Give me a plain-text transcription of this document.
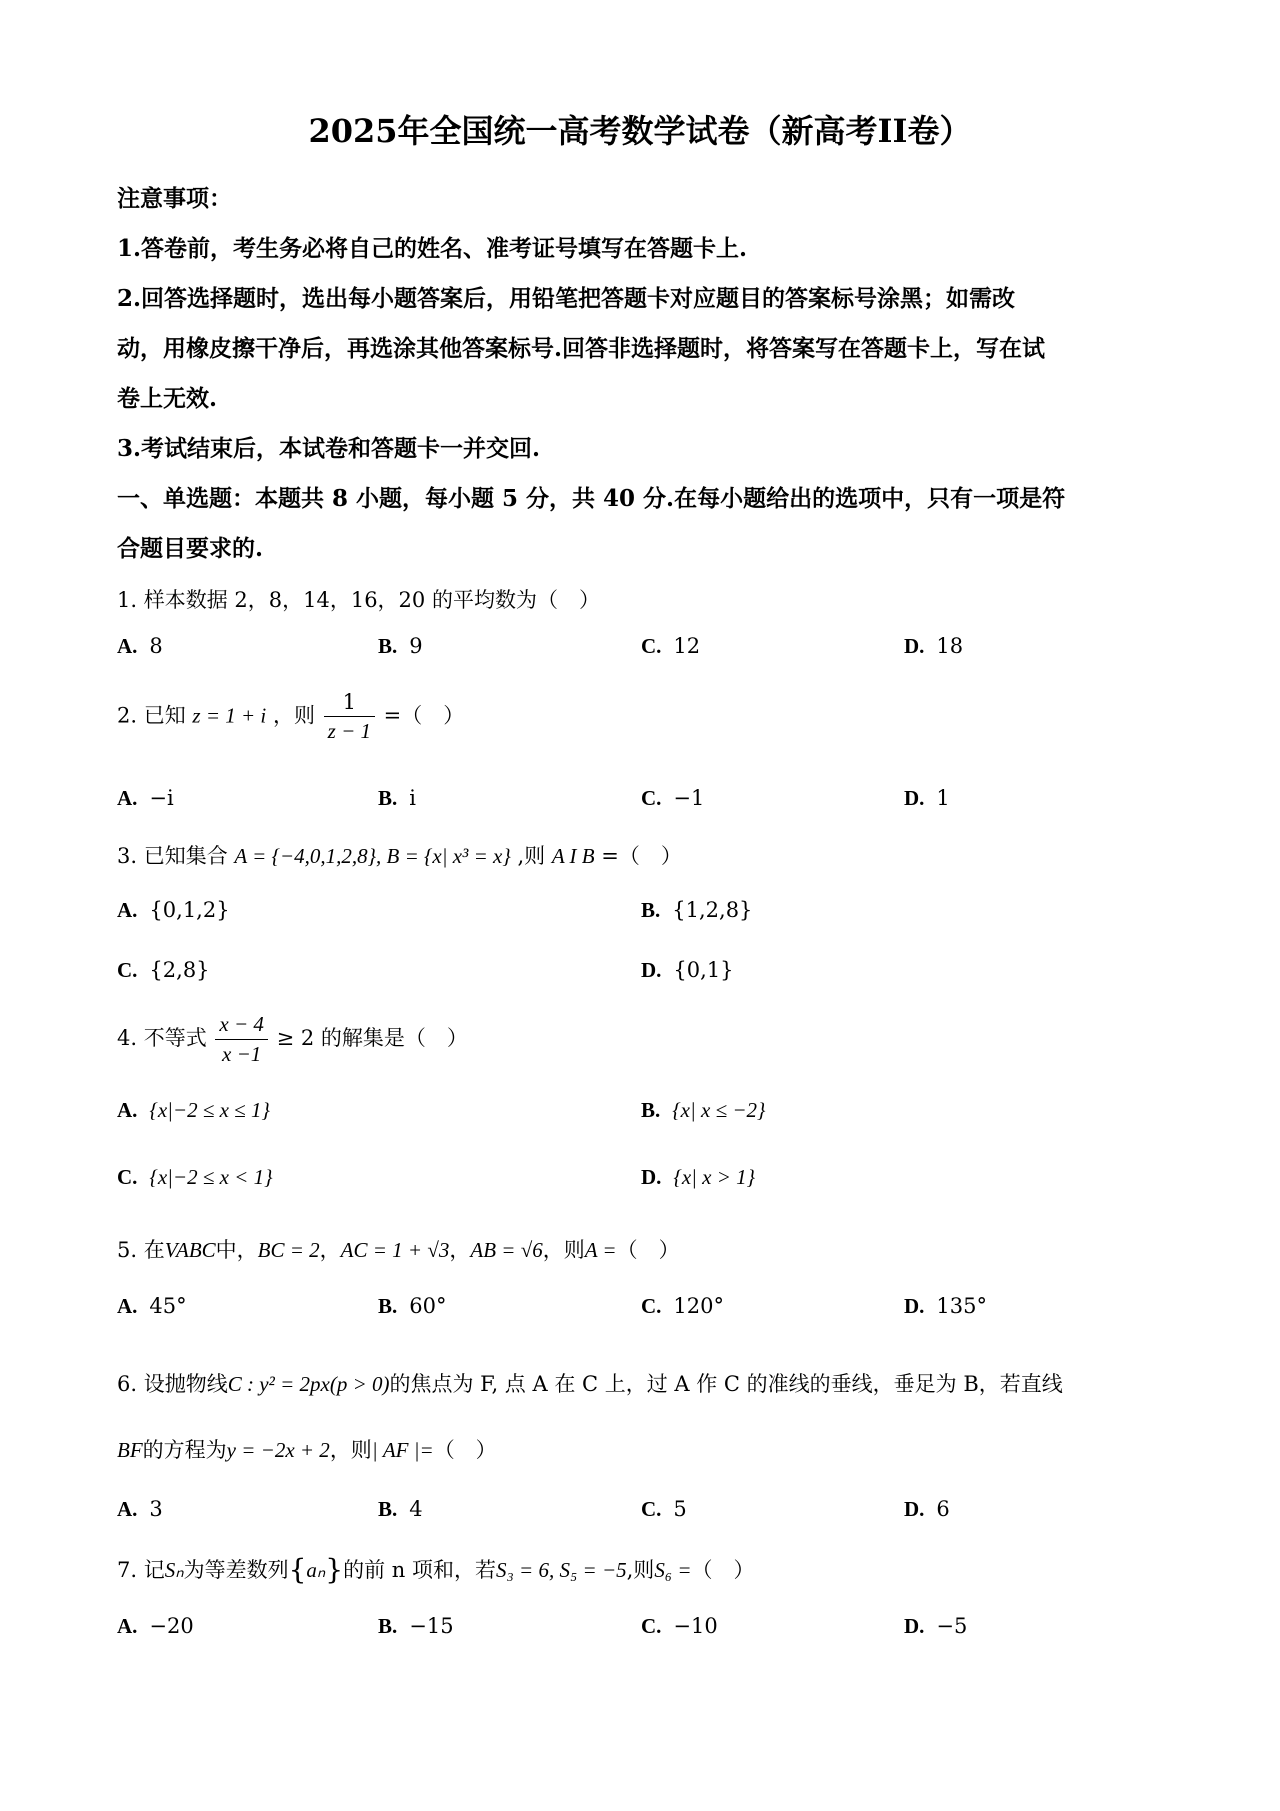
2025年全国统一高考数学试卷（新高考II卷）
注意事项：
1.答卷前，考生务必将自己的姓名、准考证号填写在答题卡上.
2.回答选择题时，选出每小题答案后，用铅笔把答题卡对应题目的答案标号涂黑；如需改
动，用橡皮擦干净后，再选涂其他答案标号.回答非选择题时，将答案写在答题卡上，写在试
卷上无效.
3.考试结束后，本试卷和答题卡一并交回.
一、单选题：本题共 8 小题，每小题 5 分，共 40 分.在每小题给出的选项中，只有一项是符
合题目要求的.
1. 样本数据 2，8，14，16，20 的平均数为（　）
A. 8	B. 9	C. 12	D. 18
2. 已知 z = 1 + i ，则 $\frac{1}{z - 1}$ =（　）
A. −i	B. i	C. −1	D. 1
3. 已知集合 A = {−4,0,1,2,8}, B = {x| x³ = x} ,则 A I B =（　）
A. {0,1,2}	B. {1,2,8}
C. {2,8}	D. {0,1}
4. 不等式 $\frac{x - 4}{x -1} \ge 2$ 的解集是（　）
A. {x|−2 ≤ x ≤ 1}	B. {x| x ≤ −2}
C. {x|−2 ≤ x < 1}	D. {x| x > 1}
5. 在VABC中，BC = 2，AC = 1 + √3，AB = √6，则A =（　）
A. 45°	B. 60°	C. 120°	D. 135°
6. 设抛物线C : y² = 2px(p > 0)的焦点为 F, 点 A 在 C 上，过 A 作 C 的准线的垂线，垂足为 B，若直线
BF的方程为y = −2x + 2，则| AF |=（　）
A. 3	B. 4	C. 5	D. 6
7. 记Sₙ为等差数列{aₙ}的前 n 项和，若S₃ = 6, S₅ = −5,则S₆ =（　）
A. −20	B. −15	C. −10	D. −5
